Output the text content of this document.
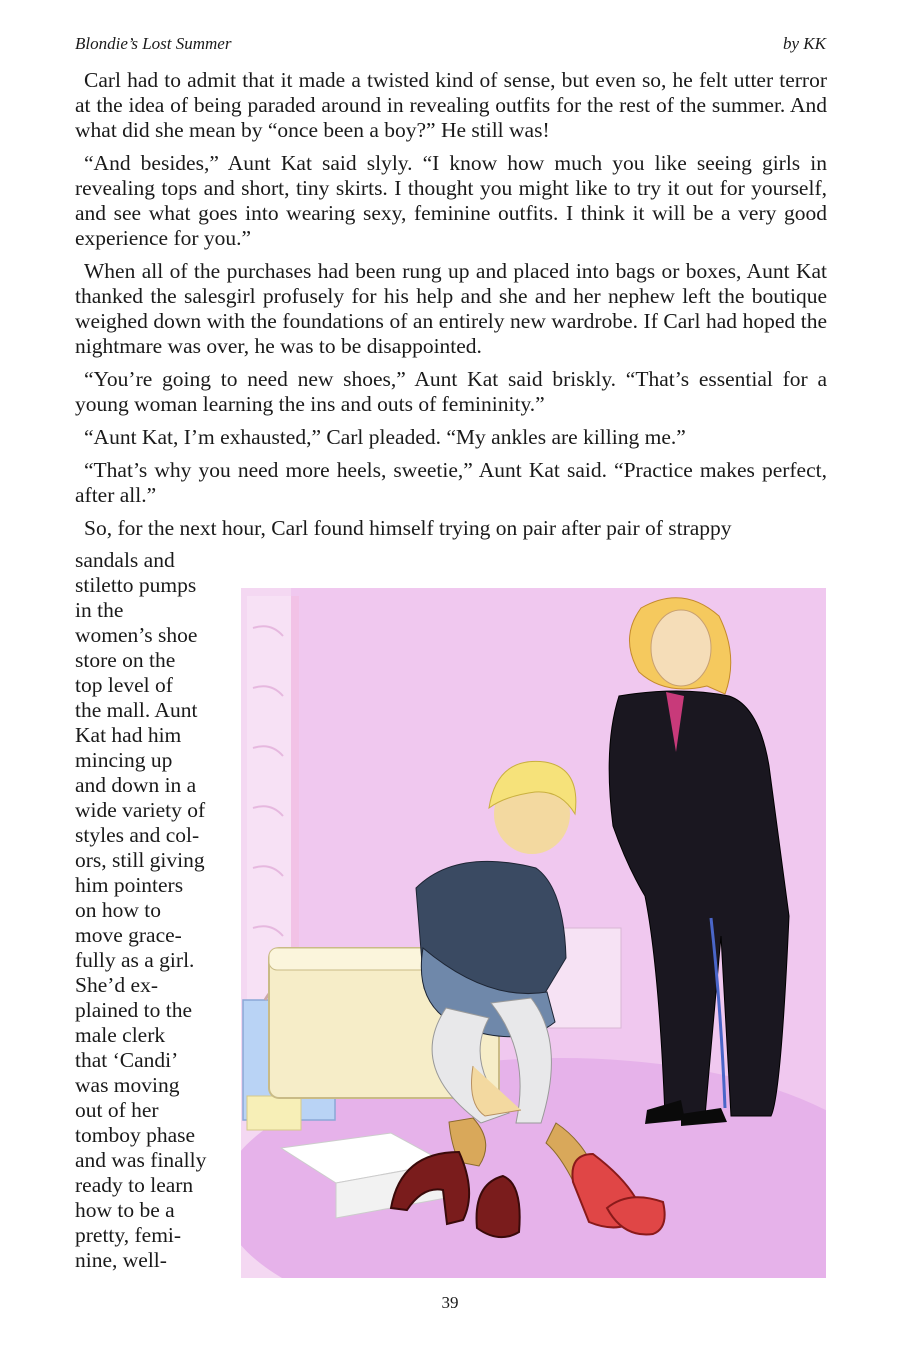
Blondie’s Lost Summer	by KK

Carl had to admit that it made a twisted kind of sense, but even so, he felt utter terror at the idea of being paraded around in revealing outfits for the rest of the summer. And what did she mean by “once been a boy?” He still was!

“And besides,” Aunt Kat said slyly. “I know how much you like seeing girls in revealing tops and short, tiny skirts. I thought you might like to try it out for yourself, and see what goes into wearing sexy, feminine outfits. I think it will be a very good experience for you.”

When all of the purchases had been rung up and placed into bags or boxes, Aunt Kat thanked the salesgirl profusely for his help and she and her nephew left the boutique weighed down with the foundations of an entirely new wardrobe. If Carl had hoped the nightmare was over, he was to be disappointed.

“You’re going to need new shoes,” Aunt Kat said briskly. “That’s essential for a young woman learning the ins and outs of femininity.”

“Aunt Kat, I’m exhausted,” Carl pleaded. “My ankles are killing me.”

“That’s why you need more heels, sweetie,” Aunt Kat said. “Practice makes perfect, after all.”

So, for the next hour, Carl found himself trying on pair after pair of strappy

sandals and
stiletto pumps
in the
women’s shoe
store on the
top level of
the mall. Aunt
Kat had him
mincing up
and down in a
wide variety of
styles and col-
ors, still giving
him pointers
on how to
move grace-
fully as a girl.
She’d ex-
plained to the
male clerk
that ‘Candi’
was moving
out of her
tomboy phase
and was finally
ready to learn
how to be a
pretty, femi-
nine, well-
39
